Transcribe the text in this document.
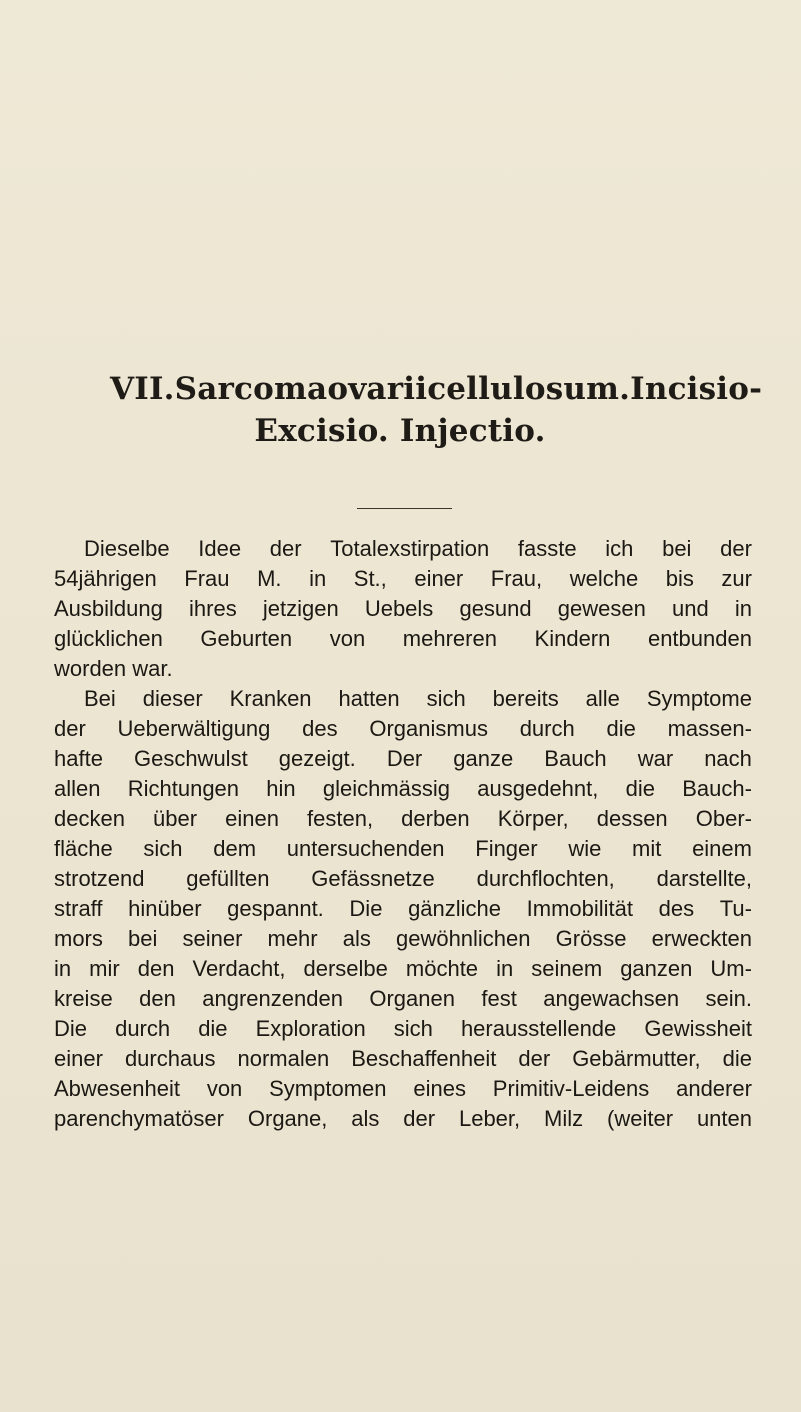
VII. Sarcoma ovarii cellulosum. Incisio-
Excisio. Injectio.
Dieselbe Idee der Totalexstirpation fasste ich bei der
54jährigen Frau M. in St., einer Frau, welche bis zur
Ausbildung ihres jetzigen Uebels gesund gewesen und in
glücklichen Geburten von mehreren Kindern entbunden
worden war.
Bei dieser Kranken hatten sich bereits alle Symptome
der Ueberwältigung des Organismus durch die massen-
hafte Geschwulst gezeigt. Der ganze Bauch war nach
allen Richtungen hin gleichmässig ausgedehnt, die Bauch-
decken über einen festen, derben Körper, dessen Ober-
fläche sich dem untersuchenden Finger wie mit einem
strotzend gefüllten Gefässnetze durchflochten, darstellte,
straff hinüber gespannt. Die gänzliche Immobilität des Tu-
mors bei seiner mehr als gewöhnlichen Grösse erweckten
in mir den Verdacht, derselbe möchte in seinem ganzen Um-
kreise den angrenzenden Organen fest angewachsen sein.
Die durch die Exploration sich herausstellende Gewissheit
einer durchaus normalen Beschaffenheit der Gebärmutter, die
Abwesenheit von Symptomen eines Primitiv-Leidens anderer
parenchymatöser Organe, als der Leber, Milz (weiter unten
